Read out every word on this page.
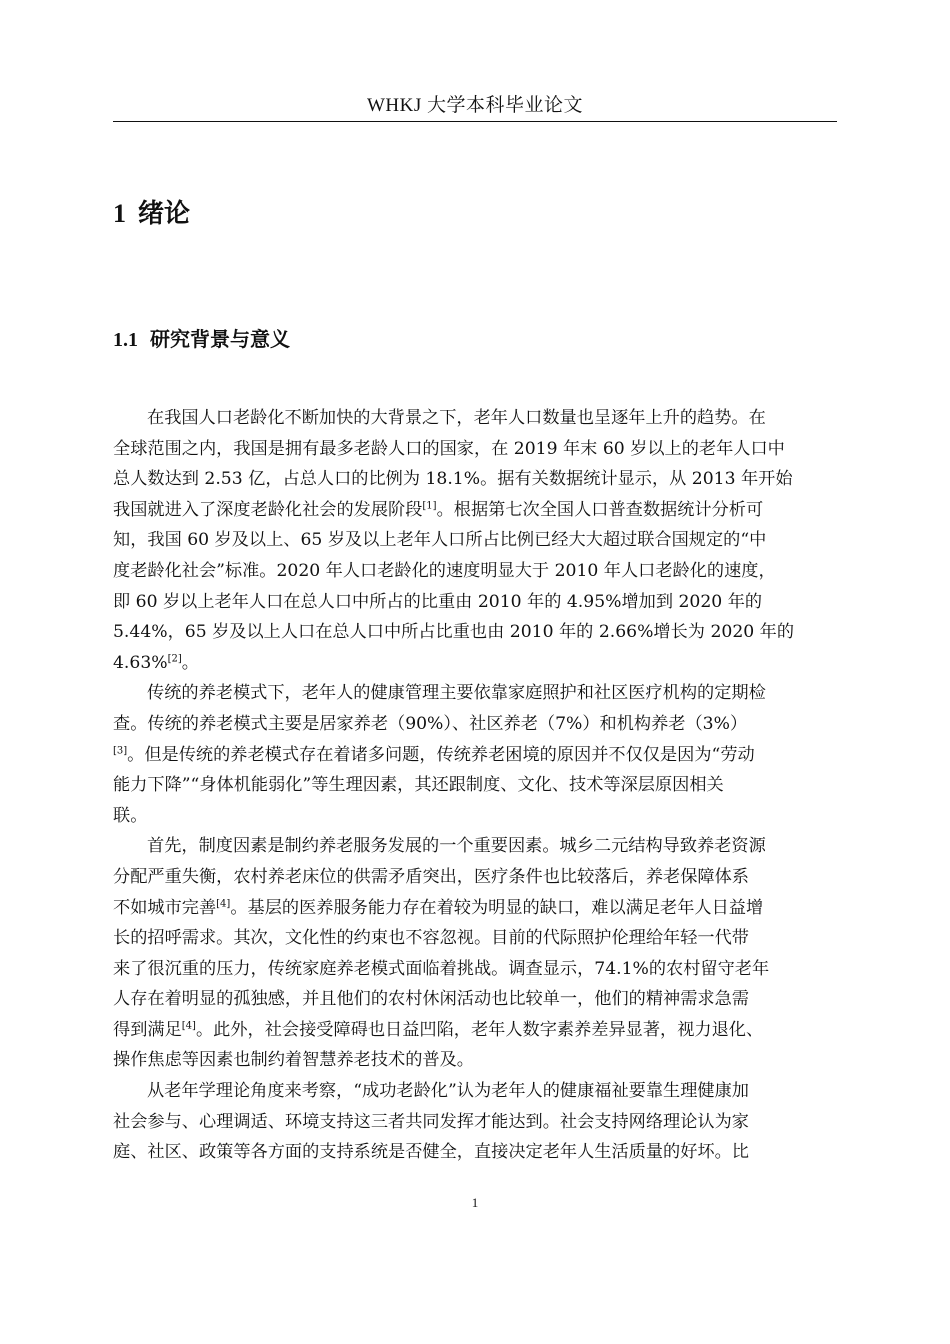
WHKJ 大学本科毕业论文
1 绪论
1.1 研究背景与意义
在我国人口老龄化不断加快的大背景之下，老年人口数量也呈逐年上升的趋势。在
全球范围之内，我国是拥有最多老龄人口的国家，在 2019 年末 60 岁以上的老年人口中
总人数达到 2.53 亿，占总人口的比例为 18.1%。据有关数据统计显示，从 2013 年开始
我国就进入了深度老龄化社会的发展阶段[1]。根据第七次全国人口普查数据统计分析可
知，我国 60 岁及以上、65 岁及以上老年人口所占比例已经大大超过联合国规定的“中
度老龄化社会”标准。2020 年人口老龄化的速度明显大于 2010 年人口老龄化的速度，
即 60 岁以上老年人口在总人口中所占的比重由 2010 年的 4.95%增加到 2020 年的
5.44%，65 岁及以上人口在总人口中所占比重也由 2010 年的 2.66%增长为 2020 年的
4.63%[2]。
传统的养老模式下，老年人的健康管理主要依靠家庭照护和社区医疗机构的定期检
查。传统的养老模式主要是居家养老（90%）、社区养老（7%）和机构养老（3%）
[3]。但是传统的养老模式存在着诸多问题，传统养老困境的原因并不仅仅是因为“劳动
能力下降”“身体机能弱化”等生理因素，其还跟制度、文化、技术等深层原因相关
联。
首先，制度因素是制约养老服务发展的一个重要因素。城乡二元结构导致养老资源
分配严重失衡，农村养老床位的供需矛盾突出，医疗条件也比较落后，养老保障体系
不如城市完善[4]。基层的医养服务能力存在着较为明显的缺口，难以满足老年人日益增
长的招呼需求。其次，文化性的约束也不容忽视。目前的代际照护伦理给年轻一代带
来了很沉重的压力，传统家庭养老模式面临着挑战。调查显示，74.1%的农村留守老年
人存在着明显的孤独感，并且他们的农村休闲活动也比较单一，他们的精神需求急需
得到满足[4]。此外，社会接受障碍也日益凹陷，老年人数字素养差异显著，视力退化、
操作焦虑等因素也制约着智慧养老技术的普及。
从老年学理论角度来考察，“成功老龄化”认为老年人的健康福祉要靠生理健康加
社会参与、心理调适、环境支持这三者共同发挥才能达到。社会支持网络理论认为家
庭、社区、政策等各方面的支持系统是否健全，直接决定老年人生活质量的好坏。比
1
